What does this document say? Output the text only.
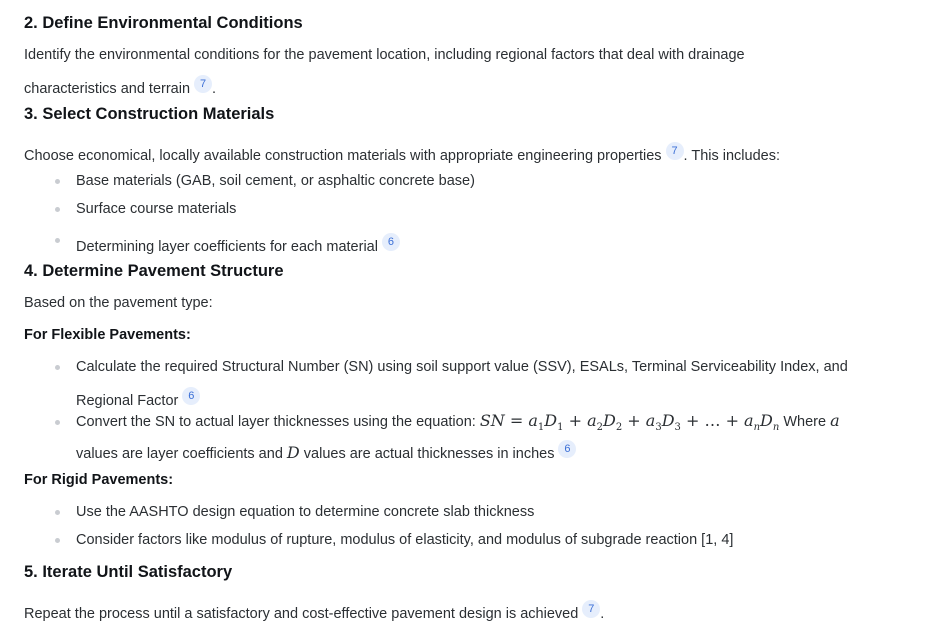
2. Define Environmental Conditions
Identify the environmental conditions for the pavement location, including regional factors that deal with drainage
characteristics and terrain 7 .
3. Select Construction Materials
Choose economical, locally available construction materials with appropriate engineering properties 7 . This includes:
Base materials (GAB, soil cement, or asphaltic concrete base)
Surface course materials
Determining layer coefficients for each material 6
4. Determine Pavement Structure
Based on the pavement type:
For Flexible Pavements:
Calculate the required Structural Number (SN) using soil support value (SSV), ESALs, Terminal Serviceability Index, and
Regional Factor 6
Convert the SN to actual layer thicknesses using the equation: SN = $a_1D_1 + a_2D_2 + a_3D_3$ + … + $a_nD_n$ Where a
values are layer coefficients and D values are actual thicknesses in inches 6
For Rigid Pavements:
Use the AASHTO design equation to determine concrete slab thickness
Consider factors like modulus of rupture, modulus of elasticity, and modulus of subgrade reaction [1, 4]
5. Iterate Until Satisfactory
Repeat the process until a satisfactory and cost-effective pavement design is achieved 7 .
